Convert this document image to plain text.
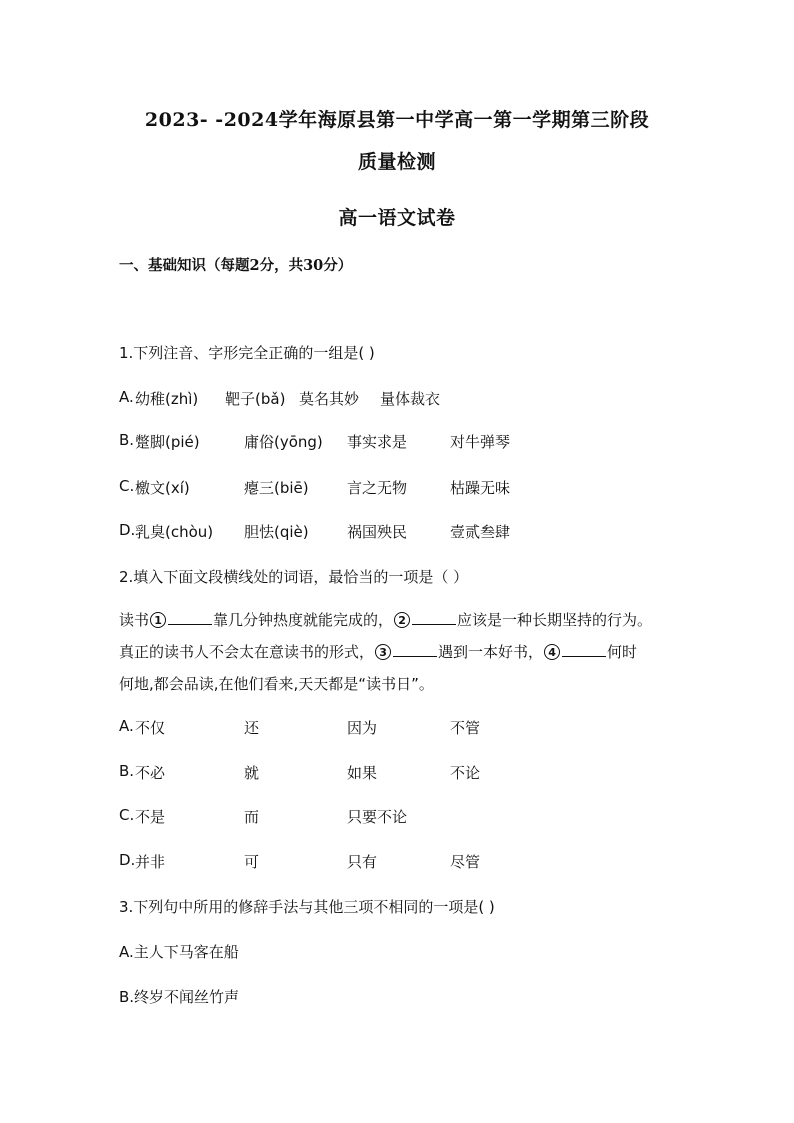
2023- -2024学年海原县第一中学高一第一学期第三阶段
质量检测
高一语文试卷
一、基础知识（每题2分，共30分）
1.下列注音、字形完全正确的一组是( )
A. 幼稚(zhì) 靶子(bǎ) 莫名其妙 量体裁衣
B. 蹩脚(pié)	庸俗(yōng) 事实求是	对牛弹琴
C. 檄文(xí)	瘪三(biē)	言之无物	枯躁无味
D. 乳臭(chòu) 胆怯(qiè)	祸国殃民	壹贰叁肆
2.填入下面文段横线处的词语，最恰当的一项是（ ）
读书 1	靠几分钟热度就能完成的， 2	应该是一种长期坚持的行为。
真正的读书人不会太在意读书的形式， 3	遇到一本好书， 4	何时
何地,都会品读,在他们看来,天天都是“读书日”。
A. 不仅	还	因为	不管
B. 不必	就	如果	不论
C. 不是	而	只要不论
D. 并非	可	只有	尽管
3.下列句中所用的修辞手法与其他三项不相同的一项是( )
A.主人下马客在船
B.终岁不闻丝竹声
